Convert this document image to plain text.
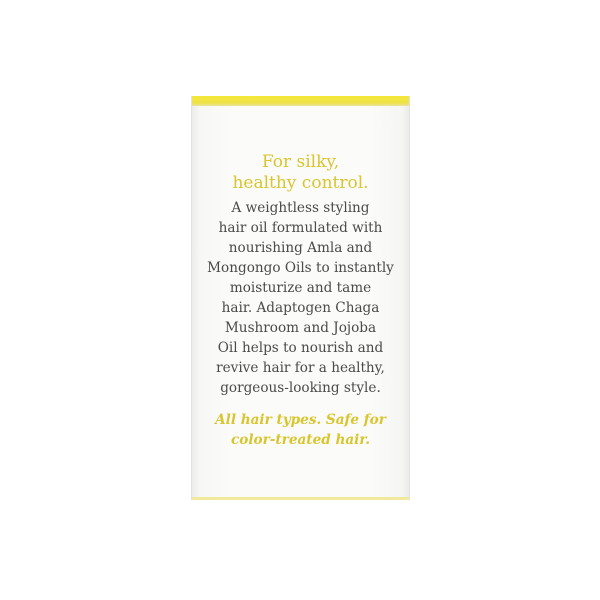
For silky,
healthy control.

A weightless styling
hair oil formulated with
nourishing Amla and
Mongongo Oils to instantly
moisturize and tame
hair. Adaptogen Chaga
Mushroom and Jojoba
Oil helps to nourish and
revive hair for a healthy,
gorgeous-looking style.

All hair types. Safe for
color-treated hair.
